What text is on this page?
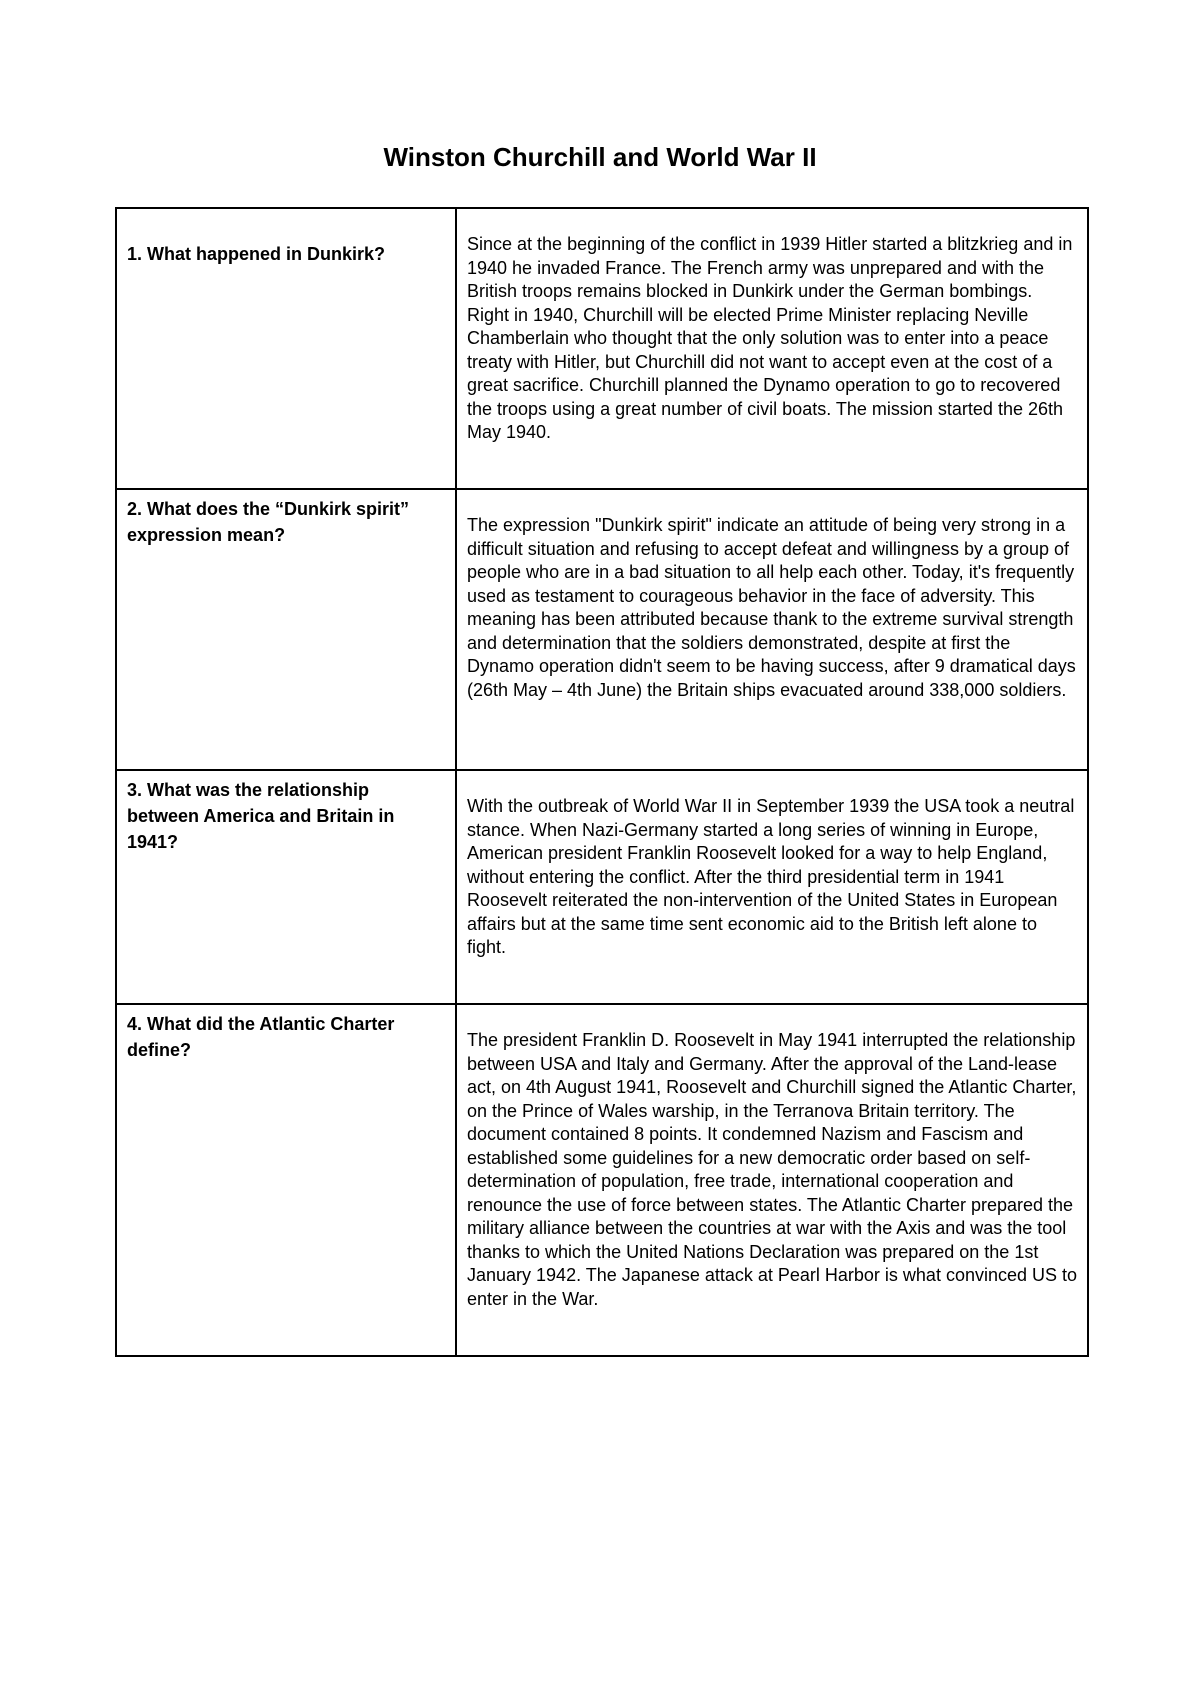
Winston Churchill and World War II
1. What happened in Dunkirk?	Since at the beginning of the conflict in 1939 Hitler started a blitzkrieg and in 1940 he invaded France. The French army was unprepared and with the British troops remains blocked in Dunkirk under the German bombings. Right in 1940, Churchill will be elected Prime Minister replacing Neville Chamberlain who thought that the only solution was to enter into a peace treaty with Hitler, but Churchill did not want to accept even at the cost of a great sacrifice. Churchill planned the Dynamo operation to go to recovered the troops using a great number of civil boats. The mission started the 26th May 1940.

2. What does the “Dunkirk spirit” expression mean?	The expression "Dunkirk spirit" indicate an attitude of being very strong in a difficult situation and refusing to accept defeat and willingness by a group of people who are in a bad situation to all help each other. Today, it's frequently used as testament to courageous behavior in the face of adversity. This meaning has been attributed because thank to the extreme survival strength and determination that the soldiers demonstrated, despite at first the Dynamo operation didn't seem to be having success, after 9 dramatical days (26th May – 4th June) the Britain ships evacuated around 338,000 soldiers.

3. What was the relationship between America and Britain in 1941?	With the outbreak of World War II in September 1939 the USA took a neutral stance. When Nazi-Germany started a long series of winning in Europe, American president Franklin Roosevelt looked for a way to help England, without entering the conflict. After the third presidential term in 1941 Roosevelt reiterated the non-intervention of the United States in European affairs but at the same time sent economic aid to the British left alone to fight.

4. What did the Atlantic Charter define?	The president Franklin D. Roosevelt in May 1941 interrupted the relationship between USA and Italy and Germany. After the approval of the Land-lease act, on 4th August 1941, Roosevelt and Churchill signed the Atlantic Charter, on the Prince of Wales warship, in the Terranova Britain territory. The document contained 8 points. It condemned Nazism and Fascism and established some guidelines for a new democratic order based on self-determination of population, free trade, international cooperation and renounce the use of force between states. The Atlantic Charter prepared the military alliance between the countries at war with the Axis and was the tool thanks to which the United Nations Declaration was prepared on the 1st January 1942. The Japanese attack at Pearl Harbor is what convinced US to enter in the War.
